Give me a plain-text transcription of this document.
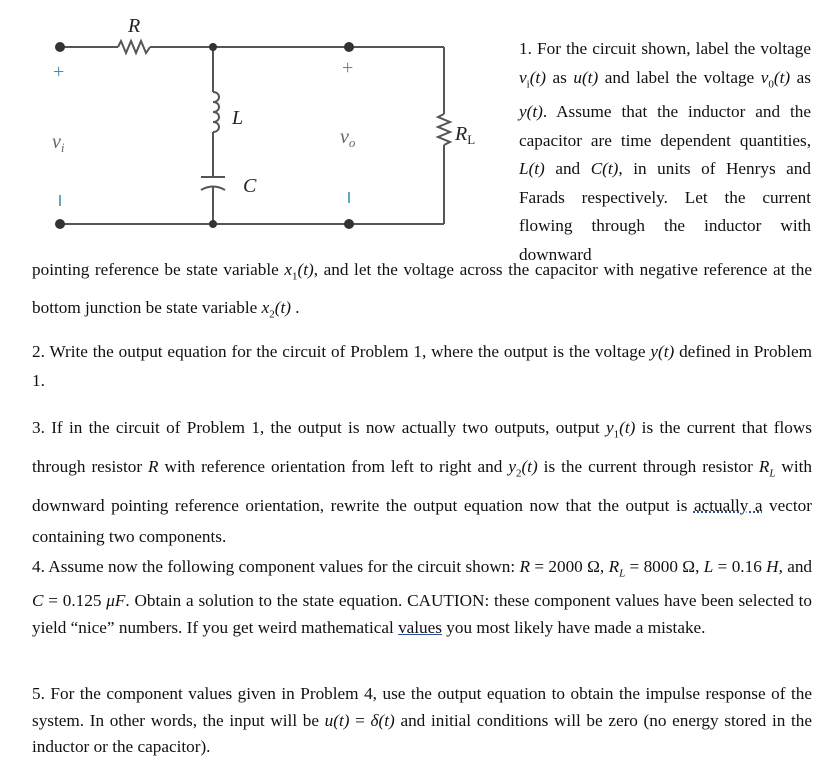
R
L
C
$R_L$
$v_i$	$v_o$
+	+
1. For the circuit shown, label the voltage $v_i(t)$ as u(t) and label the voltage $v_0(t)$ as y(t). Assume that the inductor and the capacitor are time dependent quantities, L(t) and C(t), in units of Henrys and Farads respectively. Let the current flowing through the inductor with downward
pointing reference be state variable $x_1(t)$, and let the voltage across the capacitor with negative reference at the bottom junction be state variable $x_2(t)$ .
2. Write the output equation for the circuit of Problem 1, where the output is the voltage y(t) defined in Problem 1.
3. If in the circuit of Problem 1, the output is now actually two outputs, output $y_1(t)$ is the current that flows through resistor R with reference orientation from left to right and $y_2(t)$ is the current through resistor $R_L$ with downward pointing reference orientation, rewrite the output equation now that the output is actually a vector containing two components.
4. Assume now the following component values for the circuit shown: R = 2000 Ω, $R_L = 8000$ Ω, L = 0.16 H, and C = 0.125 μF. Obtain a solution to the state equation. CAUTION: these component values have been selected to yield “nice” numbers. If you get weird mathematical values you most likely have made a mistake.
5. For the component values given in Problem 4, use the output equation to obtain the impulse response of the system. In other words, the input will be u(t) = δ(t) and initial conditions will be zero (no energy stored in the inductor or the capacitor).
